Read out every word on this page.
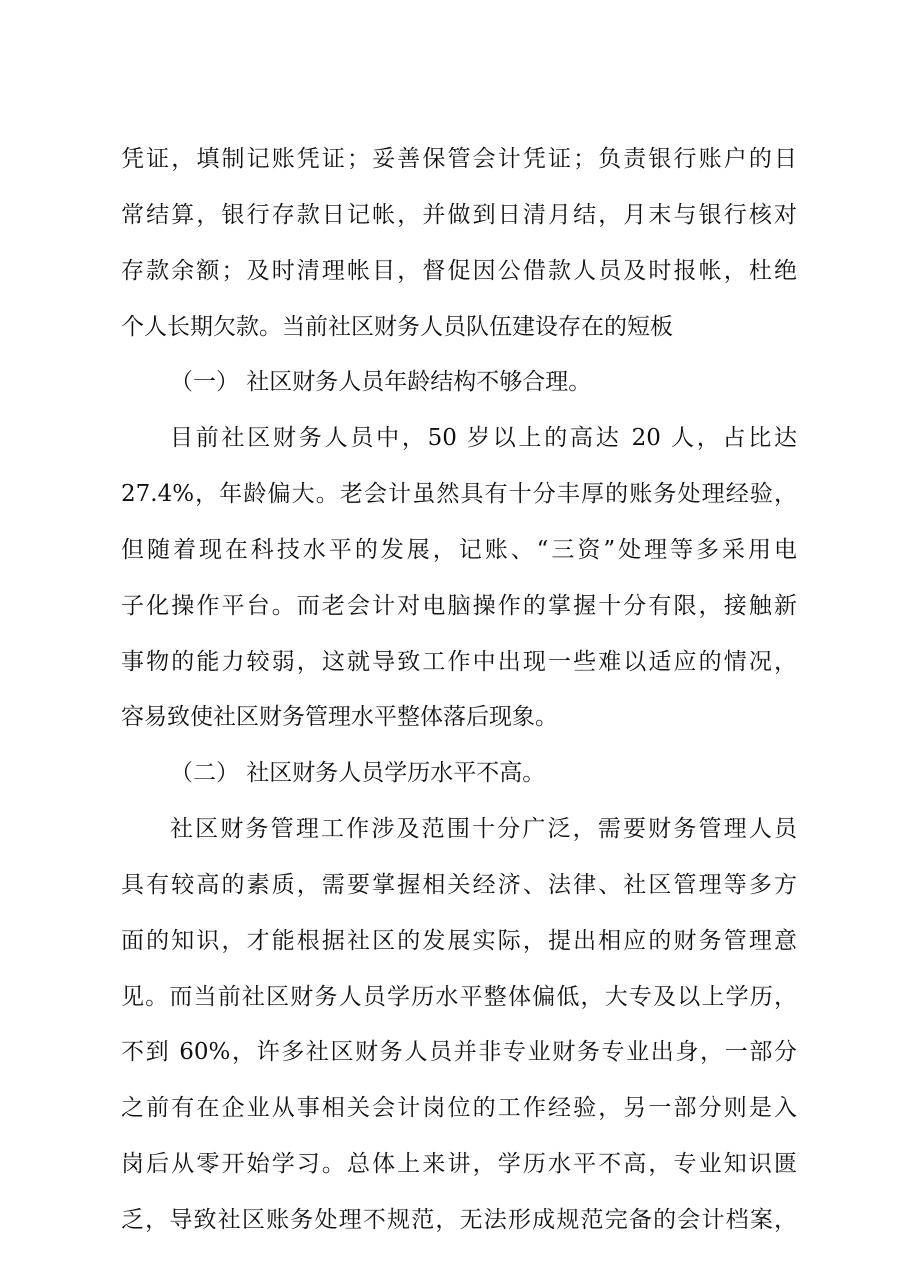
凭证，填制记账凭证；妥善保管会计凭证；负责银行账户的日
常结算，银行存款日记帐，并做到日清月结，月末与银行核对
存款余额；及时清理帐目，督促因公借款人员及时报帐，杜绝
个人长期欠款。当前社区财务人员队伍建设存在的短板
（一） 社区财务人员年龄结构不够合理。
目前社区财务人员中，50 岁以上的高达 20 人，占比达
27.4%，年龄偏大。老会计虽然具有十分丰厚的账务处理经验，
但随着现在科技水平的发展，记账、“三资”处理等多采用电
子化操作平台。而老会计对电脑操作的掌握十分有限，接触新
事物的能力较弱，这就导致工作中出现一些难以适应的情况，
容易致使社区财务管理水平整体落后现象。
（二） 社区财务人员学历水平不高。
社区财务管理工作涉及范围十分广泛，需要财务管理人员
具有较高的素质，需要掌握相关经济、法律、社区管理等多方
面的知识，才能根据社区的发展实际，提出相应的财务管理意
见。而当前社区财务人员学历水平整体偏低，大专及以上学历，
不到 60%，许多社区财务人员并非专业财务专业出身，一部分
之前有在企业从事相关会计岗位的工作经验，另一部分则是入
岗后从零开始学习。总体上来讲，学历水平不高，专业知识匮
乏，导致社区账务处理不规范，无法形成规范完备的会计档案，
